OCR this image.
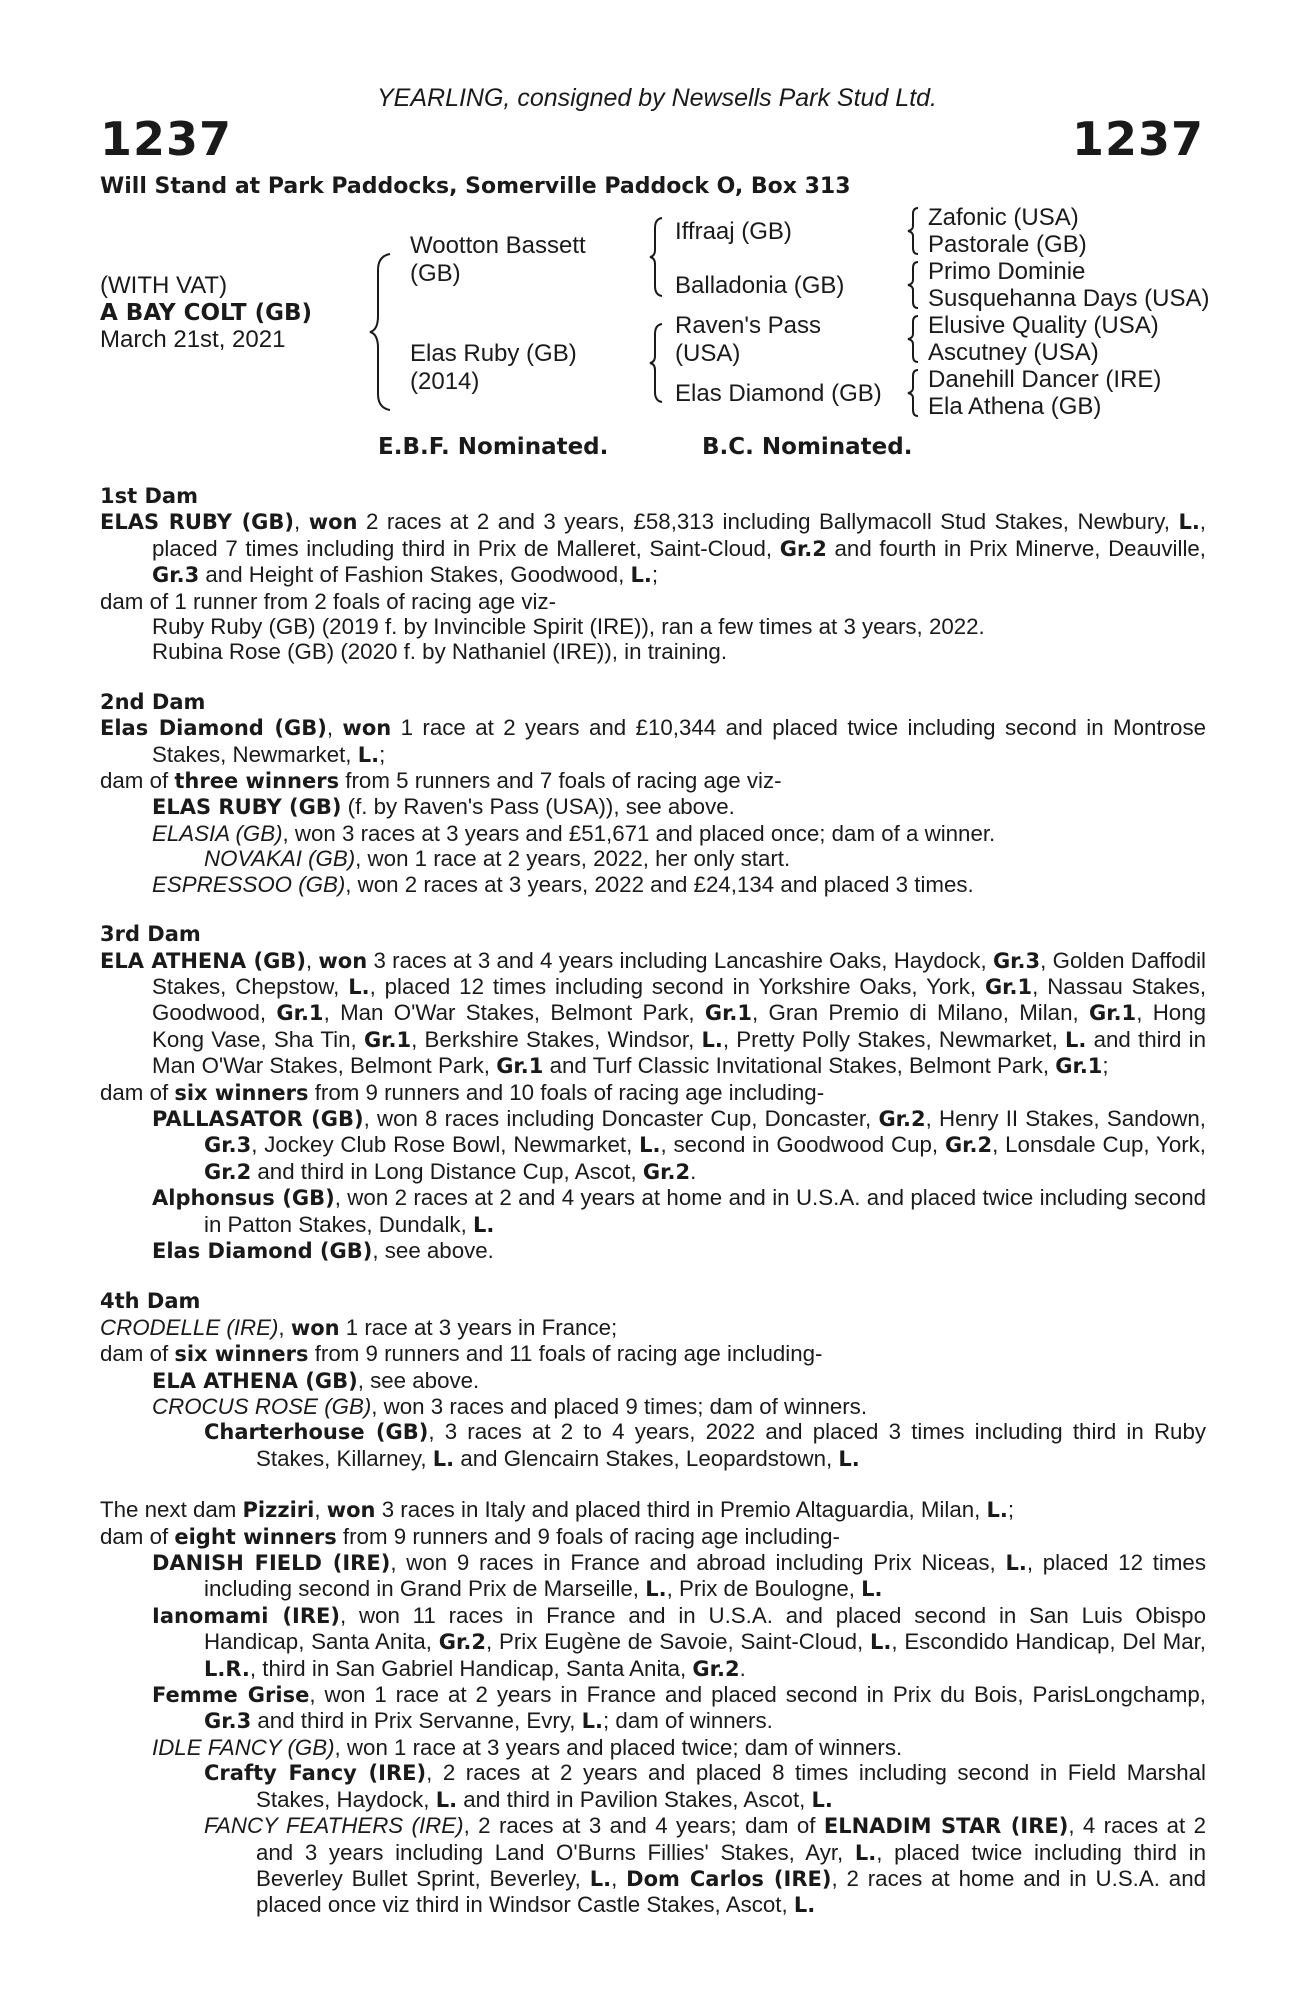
YEARLING, consigned by Newsells Park Stud Ltd.
1237	1237
Will Stand at Park Paddocks, Somerville Paddock O, Box 313
(WITH VAT)
A BAY COLT (GB)
March 21st, 2021
Wootton Bassett
(GB)
Elas Ruby (GB)
(2014)
Iffraaj (GB)
Balladonia (GB)
Raven's Pass
(USA)
Elas Diamond (GB)
Zafonic (USA)
Pastorale (GB)
Primo Dominie
Susquehanna Days (USA)
Elusive Quality (USA)
Ascutney (USA)
Danehill Dancer (IRE)
Ela Athena (GB)
E.B.F. Nominated.	B.C. Nominated.
1st Dam

ELAS RUBY (GB), won 2 races at 2 and 3 years, £58,313 including Ballymacoll Stud Stakes, Newbury, L., placed 7 times including third in Prix de Malleret, Saint-Cloud, Gr.2 and fourth in Prix Minerve, Deauville, Gr.3 and Height of Fashion Stakes, Goodwood, L.;

dam of 1 runner from 2 foals of racing age viz-

Ruby Ruby (GB) (2019 f. by Invincible Spirit (IRE)), ran a few times at 3 years, 2022.

Rubina Rose (GB) (2020 f. by Nathaniel (IRE)), in training.

2nd Dam

Elas Diamond (GB), won 1 race at 2 years and £10,344 and placed twice including second in Montrose Stakes, Newmarket, L.;

dam of three winners from 5 runners and 7 foals of racing age viz-

ELAS RUBY (GB) (f. by Raven's Pass (USA)), see above.

ELASIA (GB), won 3 races at 3 years and £51,671 and placed once; dam of a winner.

NOVAKAI (GB), won 1 race at 2 years, 2022, her only start.

ESPRESSOO (GB), won 2 races at 3 years, 2022 and £24,134 and placed 3 times.

3rd Dam

ELA ATHENA (GB), won 3 races at 3 and 4 years including Lancashire Oaks, Haydock, Gr.3, Golden Daffodil Stakes, Chepstow, L., placed 12 times including second in Yorkshire Oaks, York, Gr.1, Nassau Stakes, Goodwood, Gr.1, Man O'War Stakes, Belmont Park, Gr.1, Gran Premio di Milano, Milan, Gr.1, Hong Kong Vase, Sha Tin, Gr.1, Berkshire Stakes, Windsor, L., Pretty Polly Stakes, Newmarket, L. and third in Man O'War Stakes, Belmont Park, Gr.1 and Turf Classic Invitational Stakes, Belmont Park, Gr.1;

dam of six winners from 9 runners and 10 foals of racing age including-

PALLASATOR (GB), won 8 races including Doncaster Cup, Doncaster, Gr.2, Henry II Stakes, Sandown, Gr.3, Jockey Club Rose Bowl, Newmarket, L., second in Goodwood Cup, Gr.2, Lonsdale Cup, York, Gr.2 and third in Long Distance Cup, Ascot, Gr.2.

Alphonsus (GB), won 2 races at 2 and 4 years at home and in U.S.A. and placed twice including second in Patton Stakes, Dundalk, L.

Elas Diamond (GB), see above.

4th Dam

CRODELLE (IRE), won 1 race at 3 years in France;

dam of six winners from 9 runners and 11 foals of racing age including-

ELA ATHENA (GB), see above.

CROCUS ROSE (GB), won 3 races and placed 9 times; dam of winners.

Charterhouse (GB), 3 races at 2 to 4 years, 2022 and placed 3 times including third in Ruby Stakes, Killarney, L. and Glencairn Stakes, Leopardstown, L.

The next dam Pizziri, won 3 races in Italy and placed third in Premio Altaguardia, Milan, L.;

dam of eight winners from 9 runners and 9 foals of racing age including-

DANISH FIELD (IRE), won 9 races in France and abroad including Prix Niceas, L., placed 12 times including second in Grand Prix de Marseille, L., Prix de Boulogne, L.

Ianomami (IRE), won 11 races in France and in U.S.A. and placed second in San Luis Obispo Handicap, Santa Anita, Gr.2, Prix Eugène de Savoie, Saint-Cloud, L., Escondido Handicap, Del Mar, L.R., third in San Gabriel Handicap, Santa Anita, Gr.2.

Femme Grise, won 1 race at 2 years in France and placed second in Prix du Bois, ParisLongchamp, Gr.3 and third in Prix Servanne, Evry, L.; dam of winners.

IDLE FANCY (GB), won 1 race at 3 years and placed twice; dam of winners.

Crafty Fancy (IRE), 2 races at 2 years and placed 8 times including second in Field Marshal Stakes, Haydock, L. and third in Pavilion Stakes, Ascot, L.

FANCY FEATHERS (IRE), 2 races at 3 and 4 years; dam of ELNADIM STAR (IRE), 4 races at 2 and 3 years including Land O'Burns Fillies' Stakes, Ayr, L., placed twice including third in Beverley Bullet Sprint, Beverley, L., Dom Carlos (IRE), 2 races at home and in U.S.A. and placed once viz third in Windsor Castle Stakes, Ascot, L.
